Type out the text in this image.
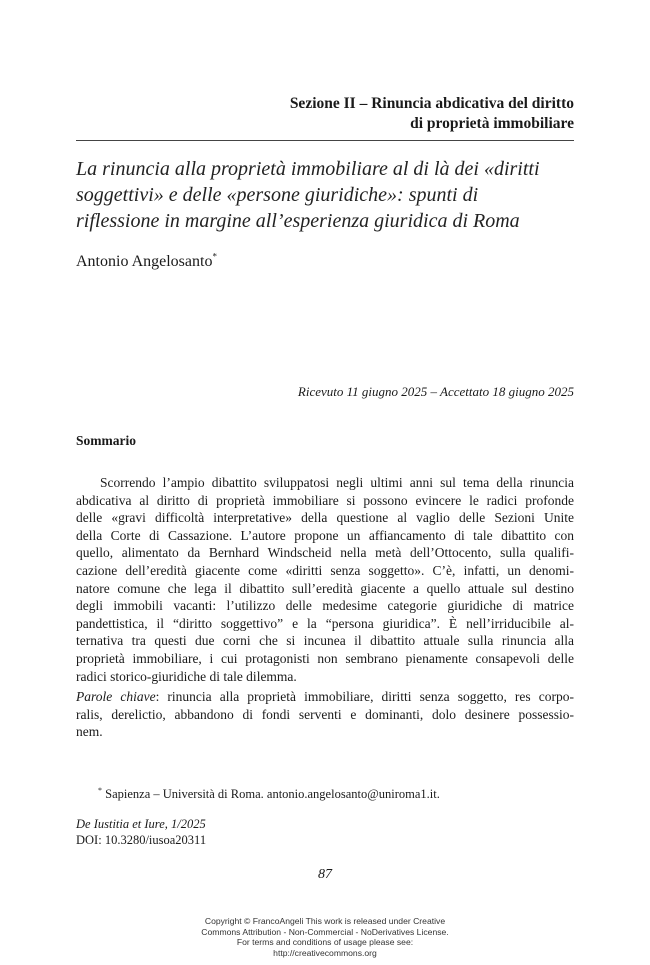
Sezione II – Rinuncia abdicativa del diritto
di proprietà immobiliare
La rinuncia alla proprietà immobiliare al di là dei «diritti
soggettivi» e delle «persone giuridiche»: spunti di
riflessione in margine all’esperienza giuridica di Roma
Antonio Angelosanto*
Ricevuto 11 giugno 2025 – Accettato 18 giugno 2025
Sommario
Scorrendo l’ampio dibattito sviluppatosi negli ultimi anni sul tema della rinuncia
abdicativa al diritto di proprietà immobiliare si possono evincere le radici profonde
delle «gravi difficoltà interpretative» della questione al vaglio delle Sezioni Unite
della Corte di Cassazione. L’autore propone un affiancamento di tale dibattito con
quello, alimentato da Bernhard Windscheid nella metà dell’Ottocento, sulla qualifi-
cazione dell’eredità giacente come «diritti senza soggetto». C’è, infatti, un denomi-
natore comune che lega il dibattito sull’eredità giacente a quello attuale sul destino
degli immobili vacanti: l’utilizzo delle medesime categorie giuridiche di matrice
pandettistica, il “diritto soggettivo” e la “persona giuridica”. È nell’irriducibile al-
ternativa tra questi due corni che si incunea il dibattito attuale sulla rinuncia alla
proprietà immobiliare, i cui protagonisti non sembrano pienamente consapevoli delle
radici storico-giuridiche di tale dilemma.
Parole chiave: rinuncia alla proprietà immobiliare, diritti senza soggetto, res corpo-
ralis, derelictio, abbandono di fondi serventi e dominanti, dolo desinere possessio-
nem.
* Sapienza – Università di Roma. antonio.angelosanto@uniroma1.it.
De Iustitia et Iure, 1/2025
DOI: 10.3280/iusoa20311
87
Copyright © FrancoAngeli This work is released under Creative
Commons Attribution - Non-Commercial - NoDerivatives License.
For terms and conditions of usage please see:
http://creativecommons.org
